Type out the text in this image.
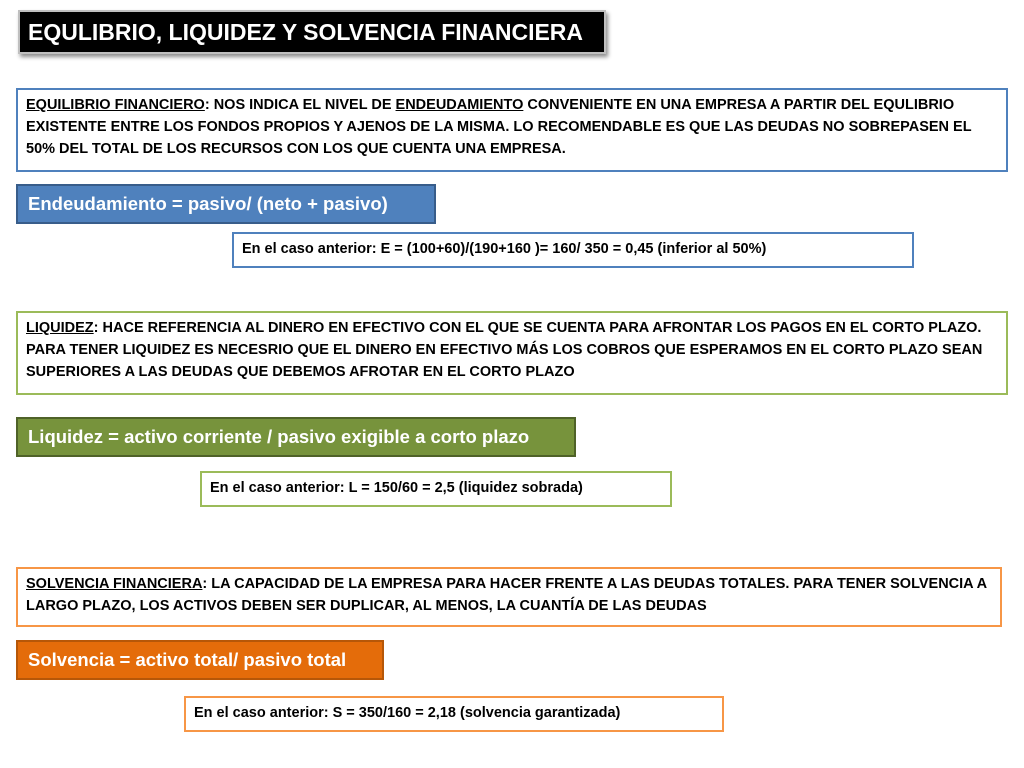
EQULIBRIO, LIQUIDEZ Y SOLVENCIA FINANCIERA
EQUILIBRIO FINANCIERO: NOS INDICA EL NIVEL DE ENDEUDAMIENTO CONVENIENTE EN UNA EMPRESA A PARTIR DEL EQULIBRIO EXISTENTE ENTRE LOS FONDOS PROPIOS Y AJENOS DE LA MISMA. LO RECOMENDABLE ES QUE LAS DEUDAS NO SOBREPASEN EL 50% DEL TOTAL DE LOS RECURSOS CON LOS QUE CUENTA UNA EMPRESA.
Endeudamiento = pasivo/ (neto + pasivo)
En el caso anterior: E = (100+60)/(190+160 )= 160/ 350 = 0,45 (inferior al 50%)
LIQUIDEZ: HACE REFERENCIA AL DINERO EN EFECTIVO CON EL QUE SE CUENTA PARA AFRONTAR LOS PAGOS EN EL CORTO PLAZO. PARA TENER LIQUIDEZ ES NECESRIO QUE EL DINERO EN EFECTIVO MÁS LOS COBROS QUE ESPERAMOS EN EL CORTO PLAZO SEAN SUPERIORES A LAS DEUDAS QUE DEBEMOS AFROTAR EN EL CORTO PLAZO
Liquidez = activo corriente / pasivo exigible a corto plazo
En el caso anterior: L = 150/60 = 2,5 (liquidez sobrada)
SOLVENCIA FINANCIERA: LA CAPACIDAD DE LA EMPRESA PARA HACER FRENTE A LAS DEUDAS TOTALES. PARA TENER SOLVENCIA A LARGO PLAZO, LOS ACTIVOS DEBEN SER DUPLICAR, AL MENOS, LA CUANTÍA DE LAS DEUDAS
Solvencia = activo total/ pasivo total
En el caso anterior: S = 350/160 = 2,18 (solvencia garantizada)
